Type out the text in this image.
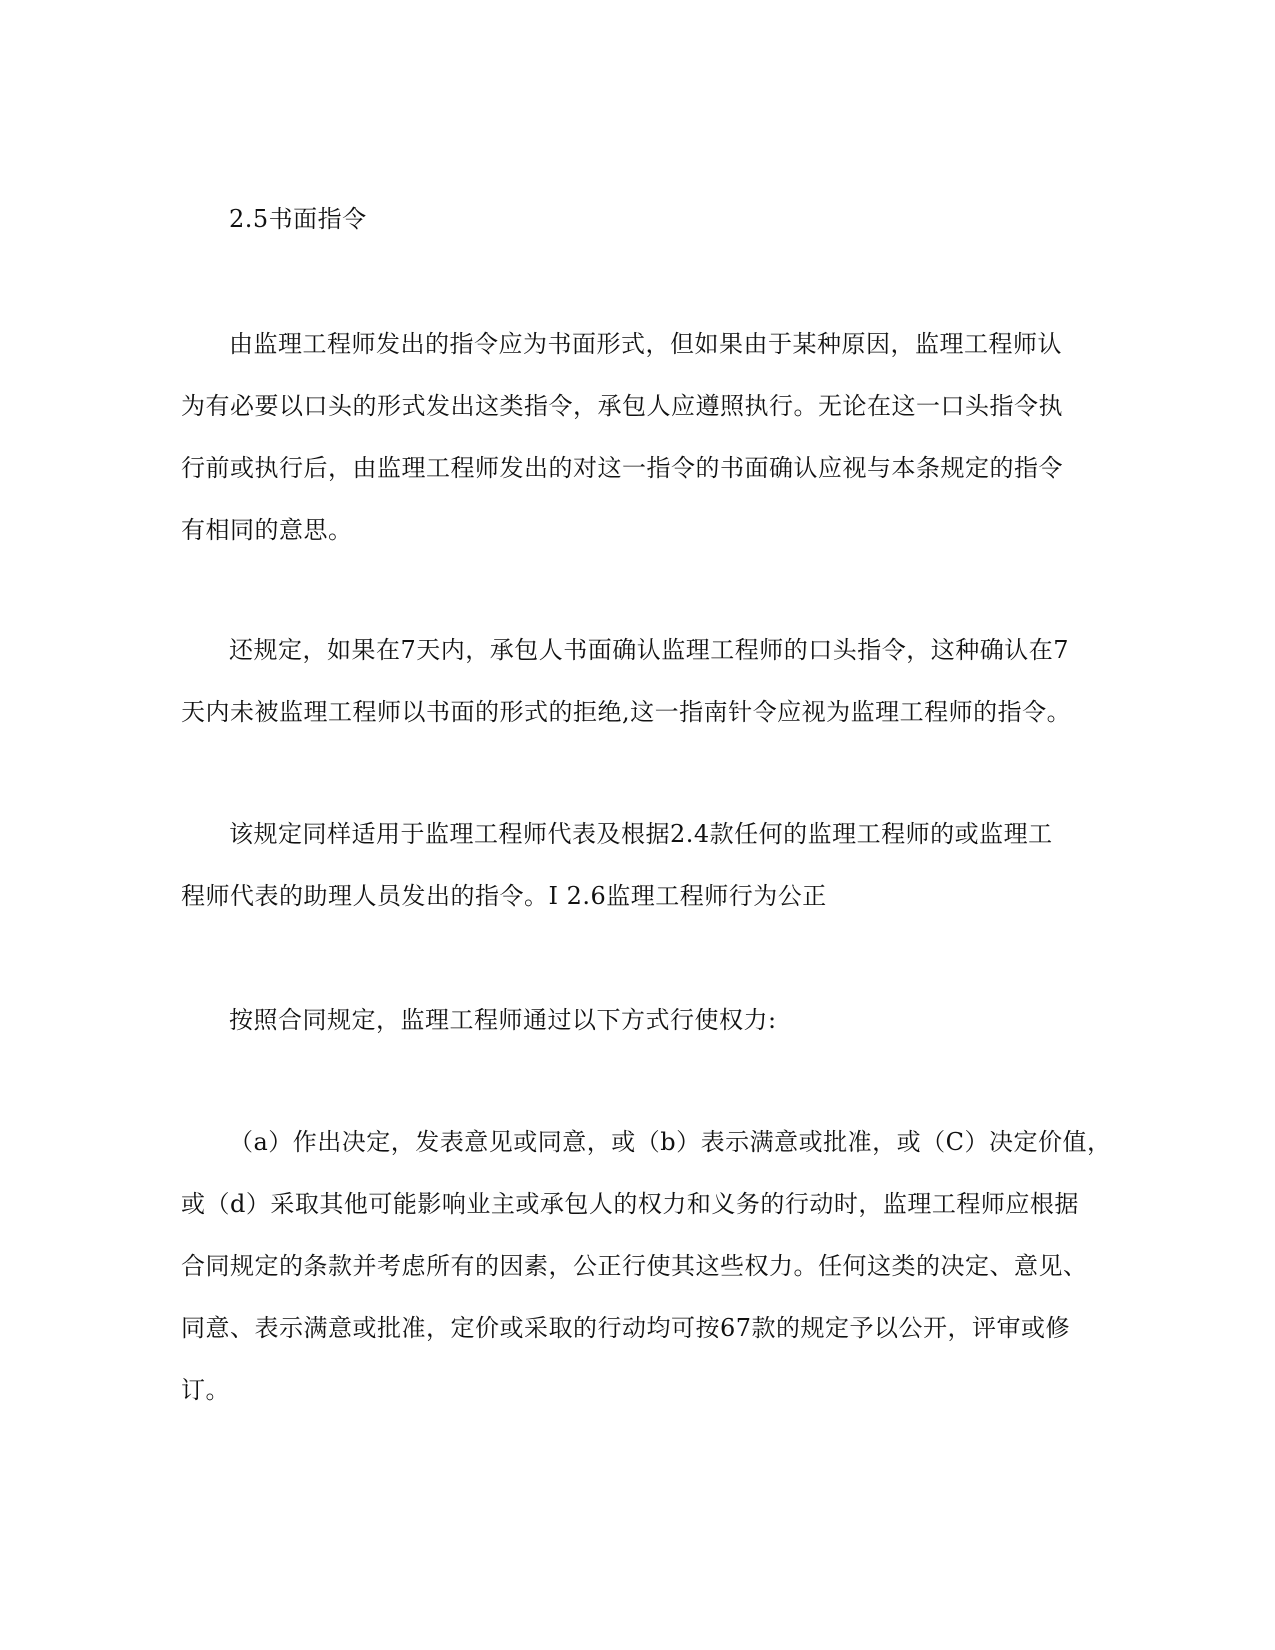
2.5书面指令
由监理工程师发出的指令应为书面形式，但如果由于某种原因，监理工程师认
为有必要以口头的形式发出这类指令，承包人应遵照执行。无论在这一口头指令执
行前或执行后，由监理工程师发出的对这一指令的书面确认应视与本条规定的指令
有相同的意思。
还规定，如果在7天内，承包人书面确认监理工程师的口头指令，这种确认在7
天内未被监理工程师以书面的形式的拒绝,这一指南针令应视为监理工程师的指令。
该规定同样适用于监理工程师代表及根据2.4款任何的监理工程师的或监理工
程师代表的助理人员发出的指令。I 2.6监理工程师行为公正
按照合同规定，监理工程师通过以下方式行使权力:
（a）作出决定，发表意见或同意，或（b）表示满意或批准，或（C）决定价值，
或（d）采取其他可能影响业主或承包人的权力和义务的行动时，监理工程师应根据
合同规定的条款并考虑所有的因素，公正行使其这些权力。任何这类的决定、意见、
同意、表示满意或批准，定价或采取的行动均可按67款的规定予以公开，评审或修
订。
